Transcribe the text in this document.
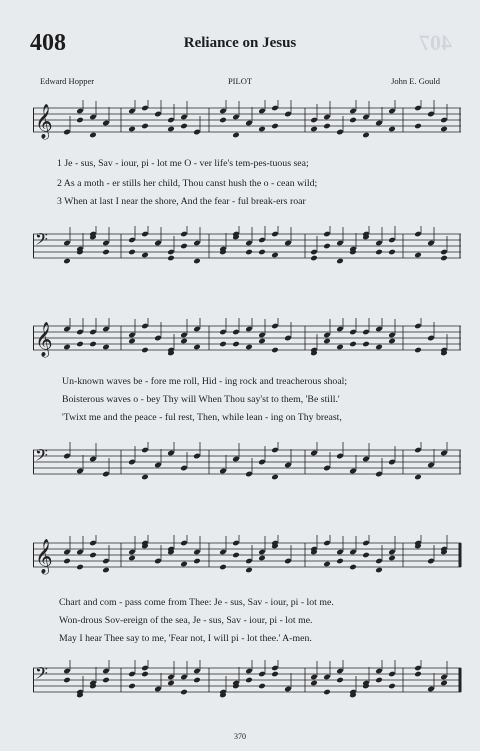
408	Reliance on Jesus	407
Edward Hopper	PILOT	John E. Gould
𝄞
𝄢
𝄞
𝄢
𝄞
𝄢
1 Je - sus, Sav - iour, pi - lot me O - ver life's tem-pes-tuous sea;
2 As a moth - er stills her child, Thou canst hush the o - cean wild;
3 When at last I near the shore, And the fear - ful break-ers roar
Un-known waves be - fore me roll, Hid - ing rock and treacherous shoal;
Boisterous waves o - bey Thy will When Thou say'st to them, 'Be still.'
'Twixt me and the peace - ful rest, Then, while lean - ing on Thy breast,
Chart and com - pass come from Thee: Je - sus, Sav - iour, pi - lot me.
Won-drous Sov-ereign of the sea, Je - sus, Sav - iour, pi - lot me.
May I hear Thee say to me, 'Fear not, I will pi - lot thee.' A-men.
370
